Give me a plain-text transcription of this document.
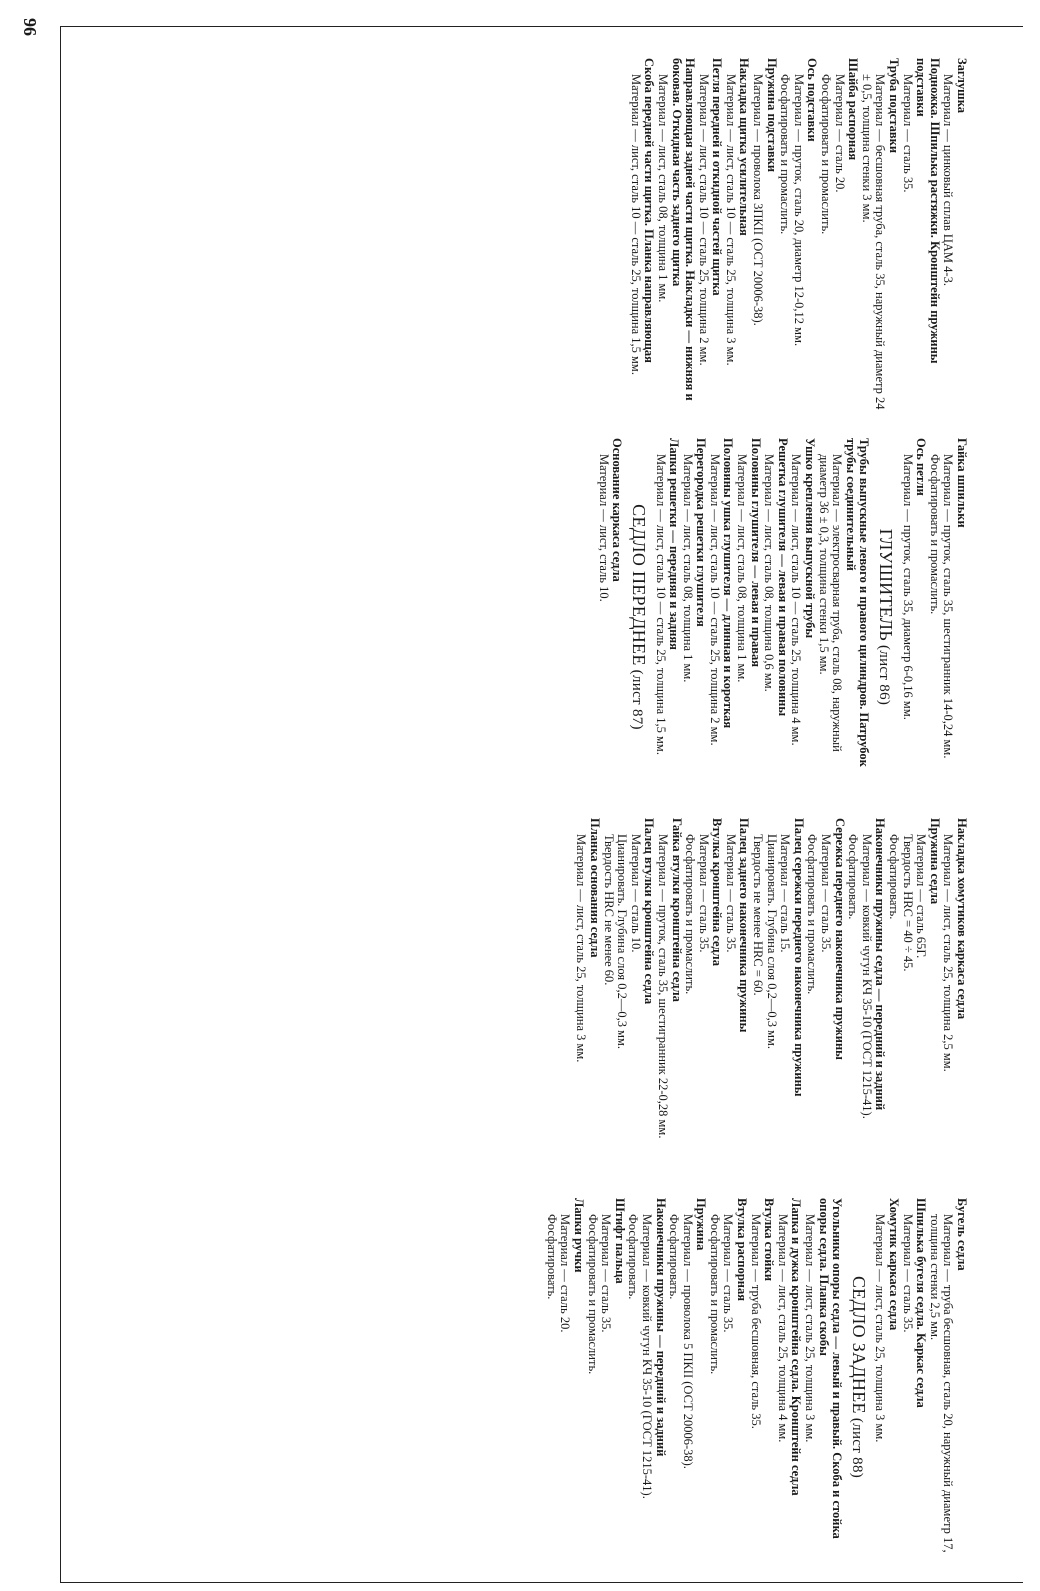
96
Заглушка
Материал — цинковый сплав ЦАМ 4-3.
Подножка. Шпилька растяжки. Кронштейн пружины подставки
Материал — сталь 35.
Труба подставки
Материал — бесшовная труба, сталь 35, наружный диаметр 24 ± 0,5, толщина стенки 3 мм.
Шайба распорная
Материал — сталь 20.
Фосфатировать и промаслить.
Ось подставки
Материал — пруток, сталь 20, диаметр 12-0,12 мм.
Фосфатировать и промаслить.
Пружина подставки
Материал — проволока 3ПКII (ОСТ 20006-38).
Накладка щитка усилительная
Материал — лист, сталь 10 — сталь 25, толщина 3 мм.
Петля передней и откидной частей щитка
Материал — лист, сталь 10 — сталь 25, толщина 2 мм.
Направляющая задней части щитка. Накладки — нижняя и боковая. Откидная часть заднего щитка
Материал — лист, сталь 08, толщина 1 мм.
Скоба передней части щитка. Планка направляющая
Материал — лист, сталь 10 — сталь 25, толщина 1,5 мм.
Гайка шпильки
Материал — пруток, сталь 35, шестигранник 14-0,24 мм.
Фосфатировать и промаслить.
Ось петли
Материал — пруток, сталь 35, диаметр 6-0,16 мм.
ГЛУШИТЕЛЬ (лист 86)
Трубы выпускные левого и правого цилиндров. Патрубок трубы соединительный
Материал — электросварная труба, сталь 08, наружный диаметр 36 ± 0,3, толщина стенки 1,5 мм.
Ушко крепления выпускной трубы
Материал — лист, сталь 10 — сталь 25, толщина 4 мм.
Решетка глушителя — левая и правая половины
Материал — лист, сталь 08, толщина 0,6 мм.
Половины глушителя — левая и правая
Материал — лист, сталь 08, толщина 1 мм.
Половины ушка глушителя — длинная и короткая
Материал — лист, сталь 10 — сталь 25, толщина 2 мм.
Перегородка решетки глушителя
Материал — лист, сталь 08, толщина 1 мм.
Лапки решетки — передняя и задняя
Материал — лист, сталь 10 — сталь 25, толщина 1,5 мм.
СЕДЛО ПЕРЕДНЕЕ (лист 87)
Основание каркаса седла
Материал — лист, сталь 10.
Накладка хомутиков каркаса седла
Материал — лист, сталь 25, толщина 2,5 мм.
Пружина седла
Материал — сталь 65Г.
Твердость HRC = 40 ÷ 45.
Фосфатировать.
Наконечники пружины седла — передний и задний
Материал — ковкий чугун КЧ 35-10 (ГОСТ 1215-41).
Фосфатировать.
Сережка переднего наконечника пружины
Материал — сталь 35.
Фосфатировать и промаслить.
Палец сережки переднего наконечника пружины
Материал — сталь 15.
Цианировать. Глубина слоя 0,2—0,3 мм.
Твердость не менее HRC = 60.
Палец заднего наконечника пружины
Материал — сталь 35.
Втулка кронштейна седла
Материал — сталь 35.
Фосфатировать и промаслить.
Гайка втулки кронштейна седла
Материал — пруток, сталь 35, шестигранник 22-0,28 мм.
Палец втулки кронштейна седла
Материал — сталь 10.
Цианировать. Глубина слоя 0,2—0,3 мм.
Твердость HRC не менее 60.
Планка основания седла
Материал — лист, сталь 25, толщина 3 мм.
Бугель седла
Материал — труба бесшовная, сталь 20, наружный диаметр 17, толщина стенки 2,5 мм.
Шпилька бугеля седла. Каркас седла
Материал — сталь 35.
Хомутик каркаса седла
Материал — лист, сталь 25, толщина 3 мм.
СЕДЛО ЗАДНЕЕ (лист 88)
Угольники опоры седла — левый и правый. Скоба и стойка опоры седла. Планка скобы
Материал — лист, сталь 25, толщина 3 мм.
Лапка и дужка кронштейна седла. Кронштейн седла
Материал — лист, сталь 25, толщина 4 мм.
Втулка стойки
Материал — труба бесшовная, сталь 35.
Втулка распорная
Материал — сталь 35.
Фосфатировать и промаслить.
Пружина
Материал — проволока 5 ПКII (ОСТ 20006-38).
Фосфатировать.
Наконечники пружины — передний и задний
Материал — ковкий чугун КЧ 35-10 (ГОСТ 1215-41).
Фосфатировать.
Штифт пальца
Материал — сталь 35.
Фосфатировать и промаслить.
Лапки ручки
Материал — сталь 20.
Фосфатировать.
